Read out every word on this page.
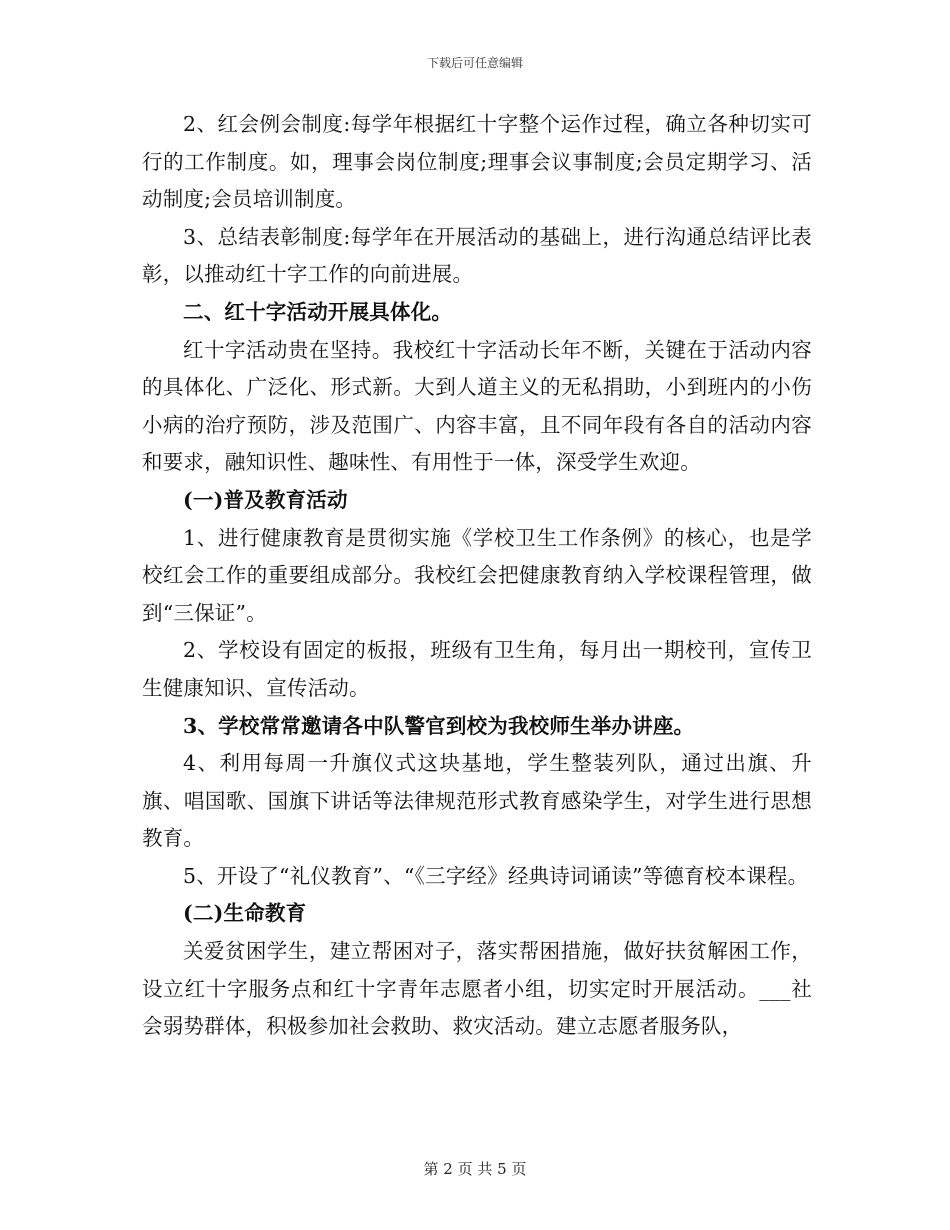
下载后可任意编辑

2、红会例会制度:每学年根据红十字整个运作过程，确立各种切实可行的工作制度。如，理事会岗位制度;理事会议事制度;会员定期学习、活动制度;会员培训制度。

3、总结表彰制度:每学年在开展活动的基础上，进行沟通总结评比表彰，以推动红十字工作的向前进展。

二、红十字活动开展具体化。

红十字活动贵在坚持。我校红十字活动长年不断，关键在于活动内容的具体化、广泛化、形式新。大到人道主义的无私捐助，小到班内的小伤小病的治疗预防，涉及范围广、内容丰富，且不同年段有各自的活动内容和要求，融知识性、趣味性、有用性于一体，深受学生欢迎。

(一)普及教育活动

1、进行健康教育是贯彻实施《学校卫生工作条例》的核心，也是学校红会工作的重要组成部分。我校红会把健康教育纳入学校课程管理，做到“三保证”。

2、学校设有固定的板报，班级有卫生角，每月出一期校刊，宣传卫生健康知识、宣传活动。

3、学校常常邀请各中队警官到校为我校师生举办讲座。

4、利用每周一升旗仪式这块基地，学生整装列队，通过出旗、升旗、唱国歌、国旗下讲话等法律规范形式教育感染学生，对学生进行思想教育。

5、开设了“礼仪教育”、“《三字经》经典诗词诵读”等德育校本课程。

(二)生命教育

关爱贫困学生，建立帮困对子，落实帮困措施，做好扶贫解困工作，设立红十字服务点和红十字青年志愿者小组，切实定时开展活动。___社会弱势群体，积极参加社会救助、救灾活动。建立志愿者服务队，

第 2 页 共 5 页
